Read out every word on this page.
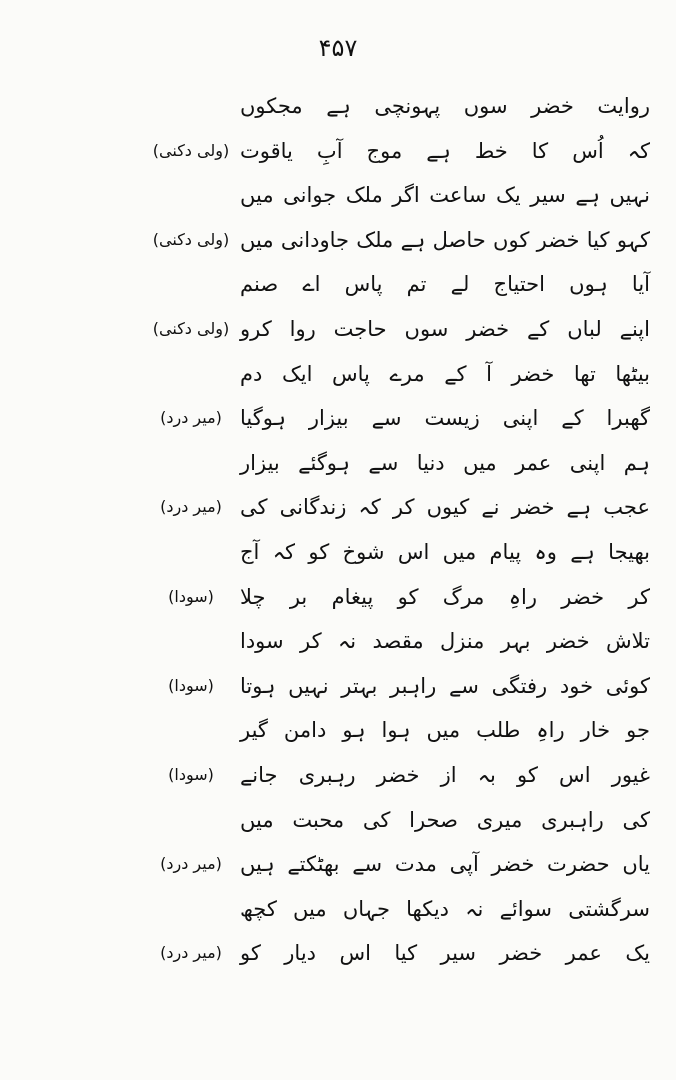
۴۵۷
روایت خضر سوں پہونچی ہے مجکوں
کہ اُس کا خط ہے موج آبِ یاقوت
(ولی دکنی)
نہیں ہے سیر یک ساعت اگر ملک جوانی میں
کہو کیا خضر کوں حاصل ہے ملک جاودانی میں
(ولی دکنی)
آیا ہوں احتیاج لے تم پاس اے صنم
اپنے لباں کے خضر سوں حاجت روا کرو
(ولی دکنی)
بیٹھا تھا خضر آ کے مرے پاس ایک دم
گھبرا کے اپنی زیست سے بیزار ہوگیا
(میر درد)
ہم اپنی عمر میں دنیا سے ہوگئے بیزار
عجب ہے خضر نے کیوں کر کہ زندگانی کی
(میر درد)
بھیجا ہے وہ پیام میں اس شوخ کو کہ آج
کر خضر راہِ مرگ کو پیغام بر چلا
(سودا)
تلاش خضر بہر منزل مقصد نہ کر سودا
کوئی خود رفتگی سے راہبر بہتر نہیں ہوتا
(سودا)
جو خار راہِ طلب میں ہوا ہو دامن گیر
غیور اس کو بہ از خضر رہبری جانے
(سودا)
کی راہبری میری صحرا کی محبت میں
یاں حضرت خضر آپی مدت سے بھٹکتے ہیں
(میر درد)
سرگشتی سوائے نہ دیکھا جہاں میں کچھ
یک عمر خضر سیر کیا اس دیار کو
(میر درد)
